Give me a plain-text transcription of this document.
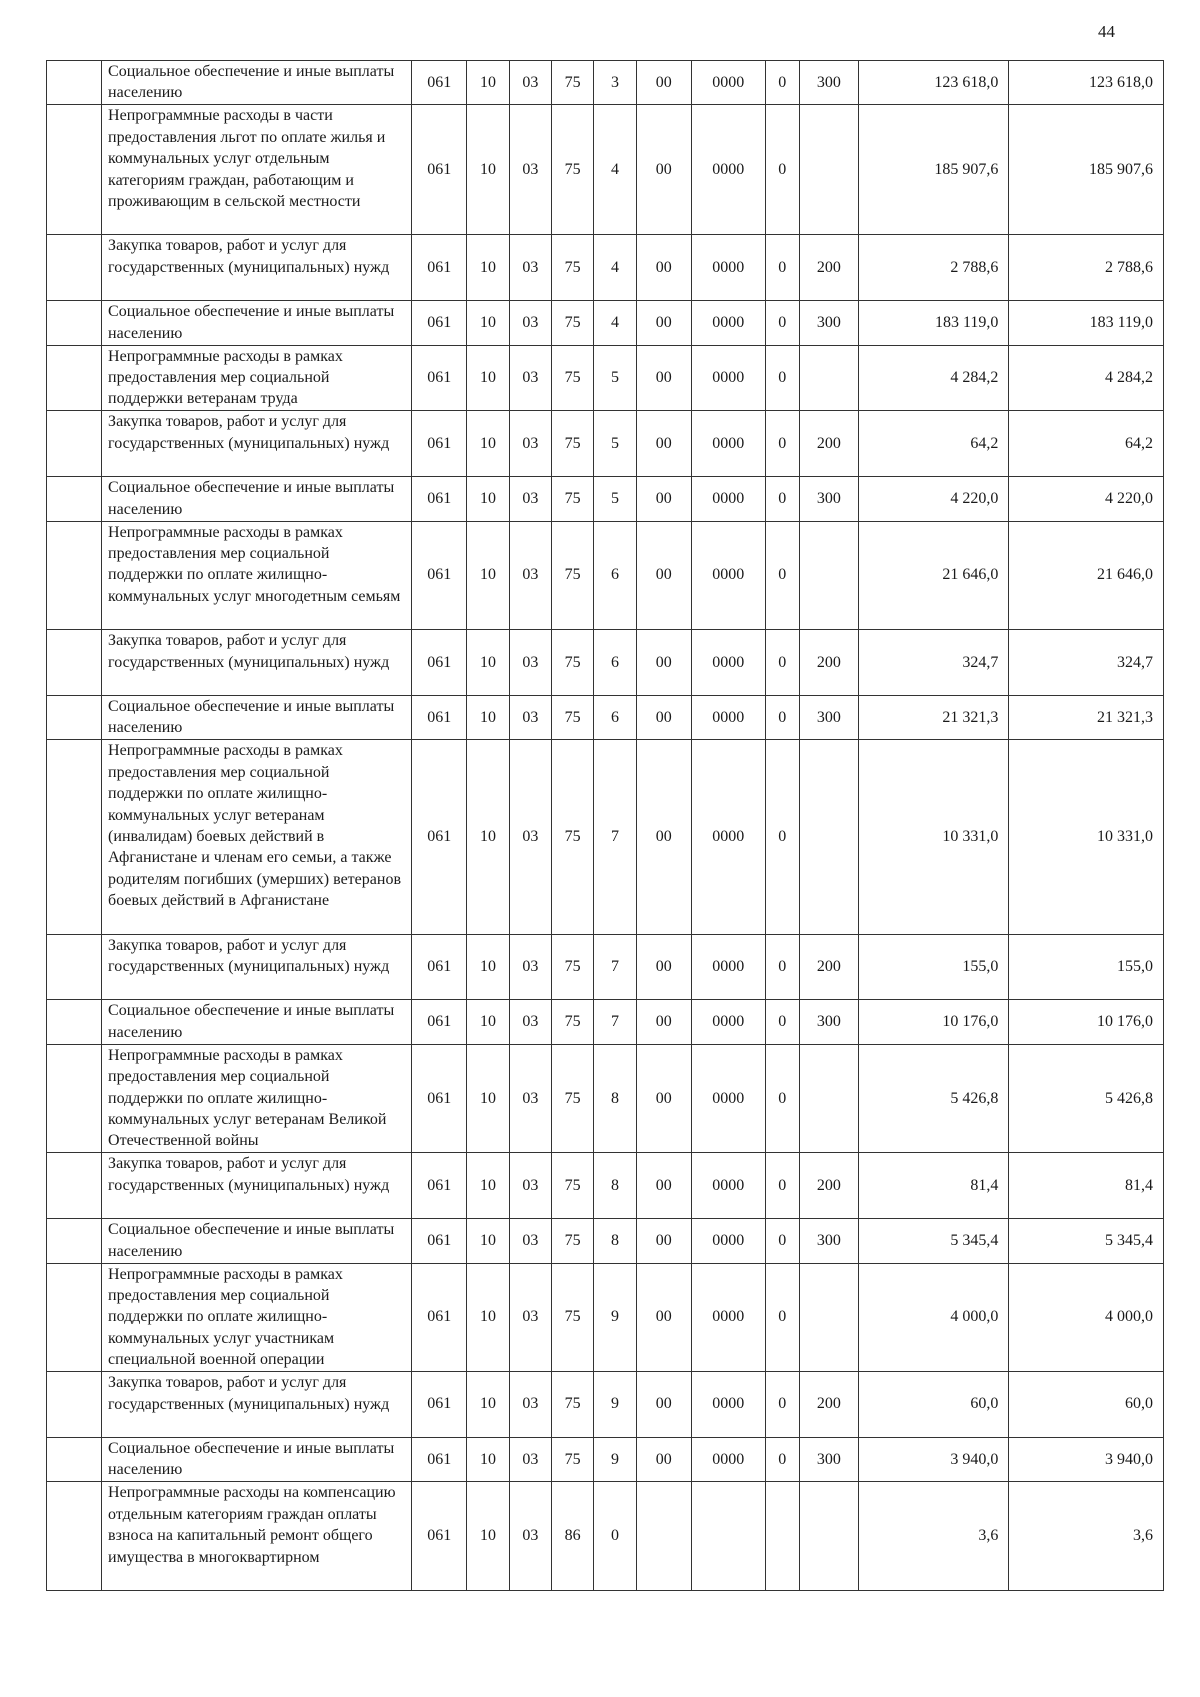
44
	Социальное обеспечение и иные выплаты населению	061	10	03	75	3	00	0000	0	300	123 618,0	123 618,0
	Непрограммные расходы в части предоставления льгот по оплате жилья и коммунальных услуг отдельным категориям граждан, работающим и проживающим в сельской местности	061	10	03	75	4	00	0000	0		185 907,6	185 907,6
	Закупка товаров, работ и услуг для государственных (муниципальных) нужд	061	10	03	75	4	00	0000	0	200	2 788,6	2 788,6
	Социальное обеспечение и иные выплаты населению	061	10	03	75	4	00	0000	0	300	183 119,0	183 119,0
	Непрограммные расходы в рамках предоставления мер социальной поддержки ветеранам труда	061	10	03	75	5	00	0000	0		4 284,2	4 284,2
	Закупка товаров, работ и услуг для государственных (муниципальных) нужд	061	10	03	75	5	00	0000	0	200	64,2	64,2
	Социальное обеспечение и иные выплаты населению	061	10	03	75	5	00	0000	0	300	4 220,0	4 220,0
	Непрограммные расходы в рамках предоставления мер социальной поддержки по оплате жилищно-коммунальных услуг многодетным семьям	061	10	03	75	6	00	0000	0		21 646,0	21 646,0
	Закупка товаров, работ и услуг для государственных (муниципальных) нужд	061	10	03	75	6	00	0000	0	200	324,7	324,7
	Социальное обеспечение и иные выплаты населению	061	10	03	75	6	00	0000	0	300	21 321,3	21 321,3
	Непрограммные расходы в рамках предоставления мер социальной поддержки по оплате жилищно-коммунальных услуг ветеранам (инвалидам) боевых действий в Афганистане и членам его семьи, а также родителям погибших (умерших) ветеранов боевых действий в Афганистане	061	10	03	75	7	00	0000	0		10 331,0	10 331,0
	Закупка товаров, работ и услуг для государственных (муниципальных) нужд	061	10	03	75	7	00	0000	0	200	155,0	155,0
	Социальное обеспечение и иные выплаты населению	061	10	03	75	7	00	0000	0	300	10 176,0	10 176,0
	Непрограммные расходы в рамках предоставления мер социальной поддержки по оплате жилищно-коммунальных услуг ветеранам Великой Отечественной войны	061	10	03	75	8	00	0000	0		5 426,8	5 426,8
	Закупка товаров, работ и услуг для государственных (муниципальных) нужд	061	10	03	75	8	00	0000	0	200	81,4	81,4
	Социальное обеспечение и иные выплаты населению	061	10	03	75	8	00	0000	0	300	5 345,4	5 345,4
	Непрограммные расходы в рамках предоставления мер социальной поддержки по оплате жилищно-коммунальных услуг участникам специальной военной операции	061	10	03	75	9	00	0000	0		4 000,0	4 000,0
	Закупка товаров, работ и услуг для государственных (муниципальных) нужд	061	10	03	75	9	00	0000	0	200	60,0	60,0
	Социальное обеспечение и иные выплаты населению	061	10	03	75	9	00	0000	0	300	3 940,0	3 940,0
	Непрограммные расходы на компенсацию отдельным категориям граждан оплаты взноса на капитальный ремонт общего имущества в многоквартирном	061	10	03	86	0					3,6	3,6
